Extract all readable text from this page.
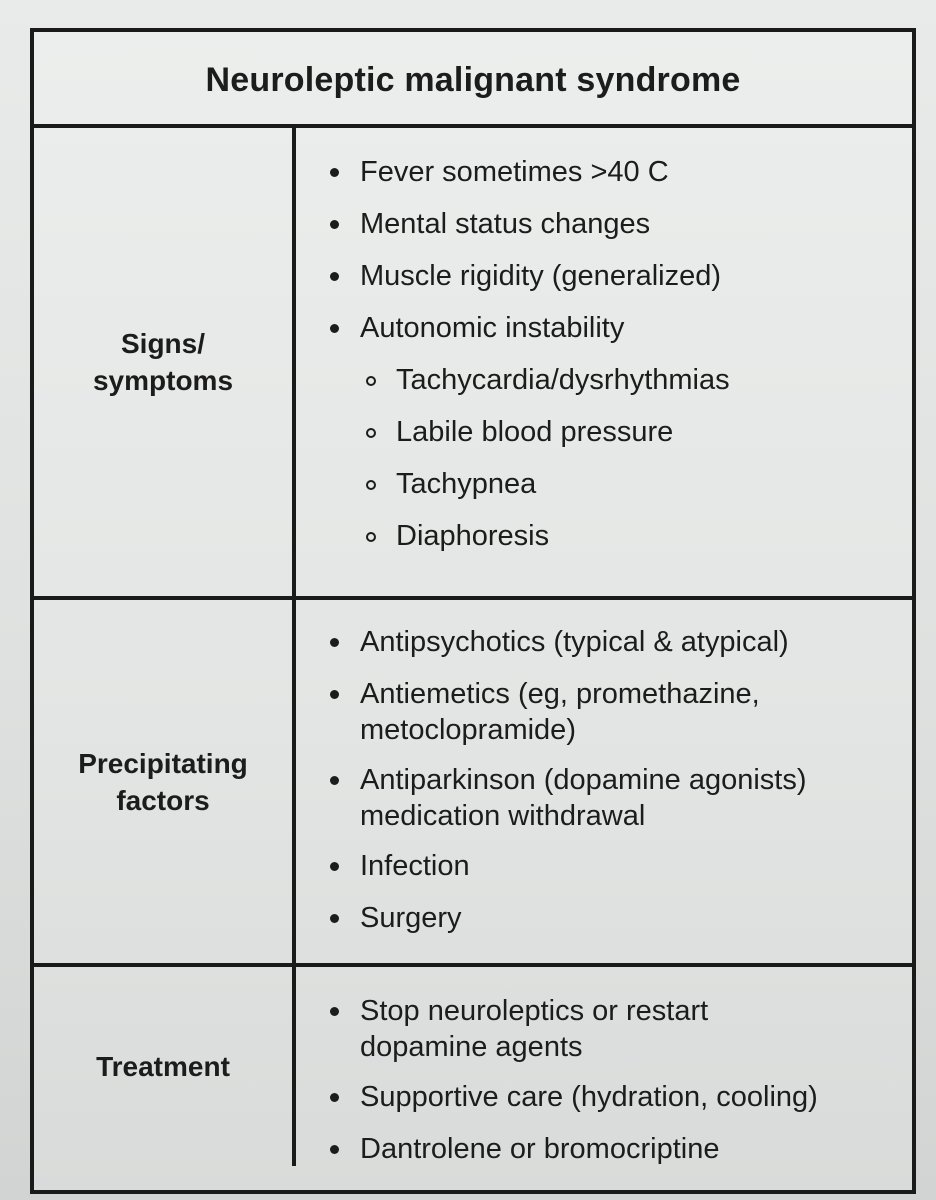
Neuroleptic malignant syndrome
Signs/
symptoms
Fever sometimes >40 C
Mental status changes
Muscle rigidity (generalized)
Autonomic instability
Tachycardia/dysrhythmias
Labile blood pressure
Tachypnea
Diaphoresis
Precipitating
factors
Antipsychotics (typical & atypical)
Antiemetics (eg, promethazine, metoclopramide)
Antiparkinson (dopamine agonists) medication withdrawal
Infection
Surgery
Treatment
Stop neuroleptics or restart dopamine agents
Supportive care (hydration, cooling)
Dantrolene or bromocriptine
